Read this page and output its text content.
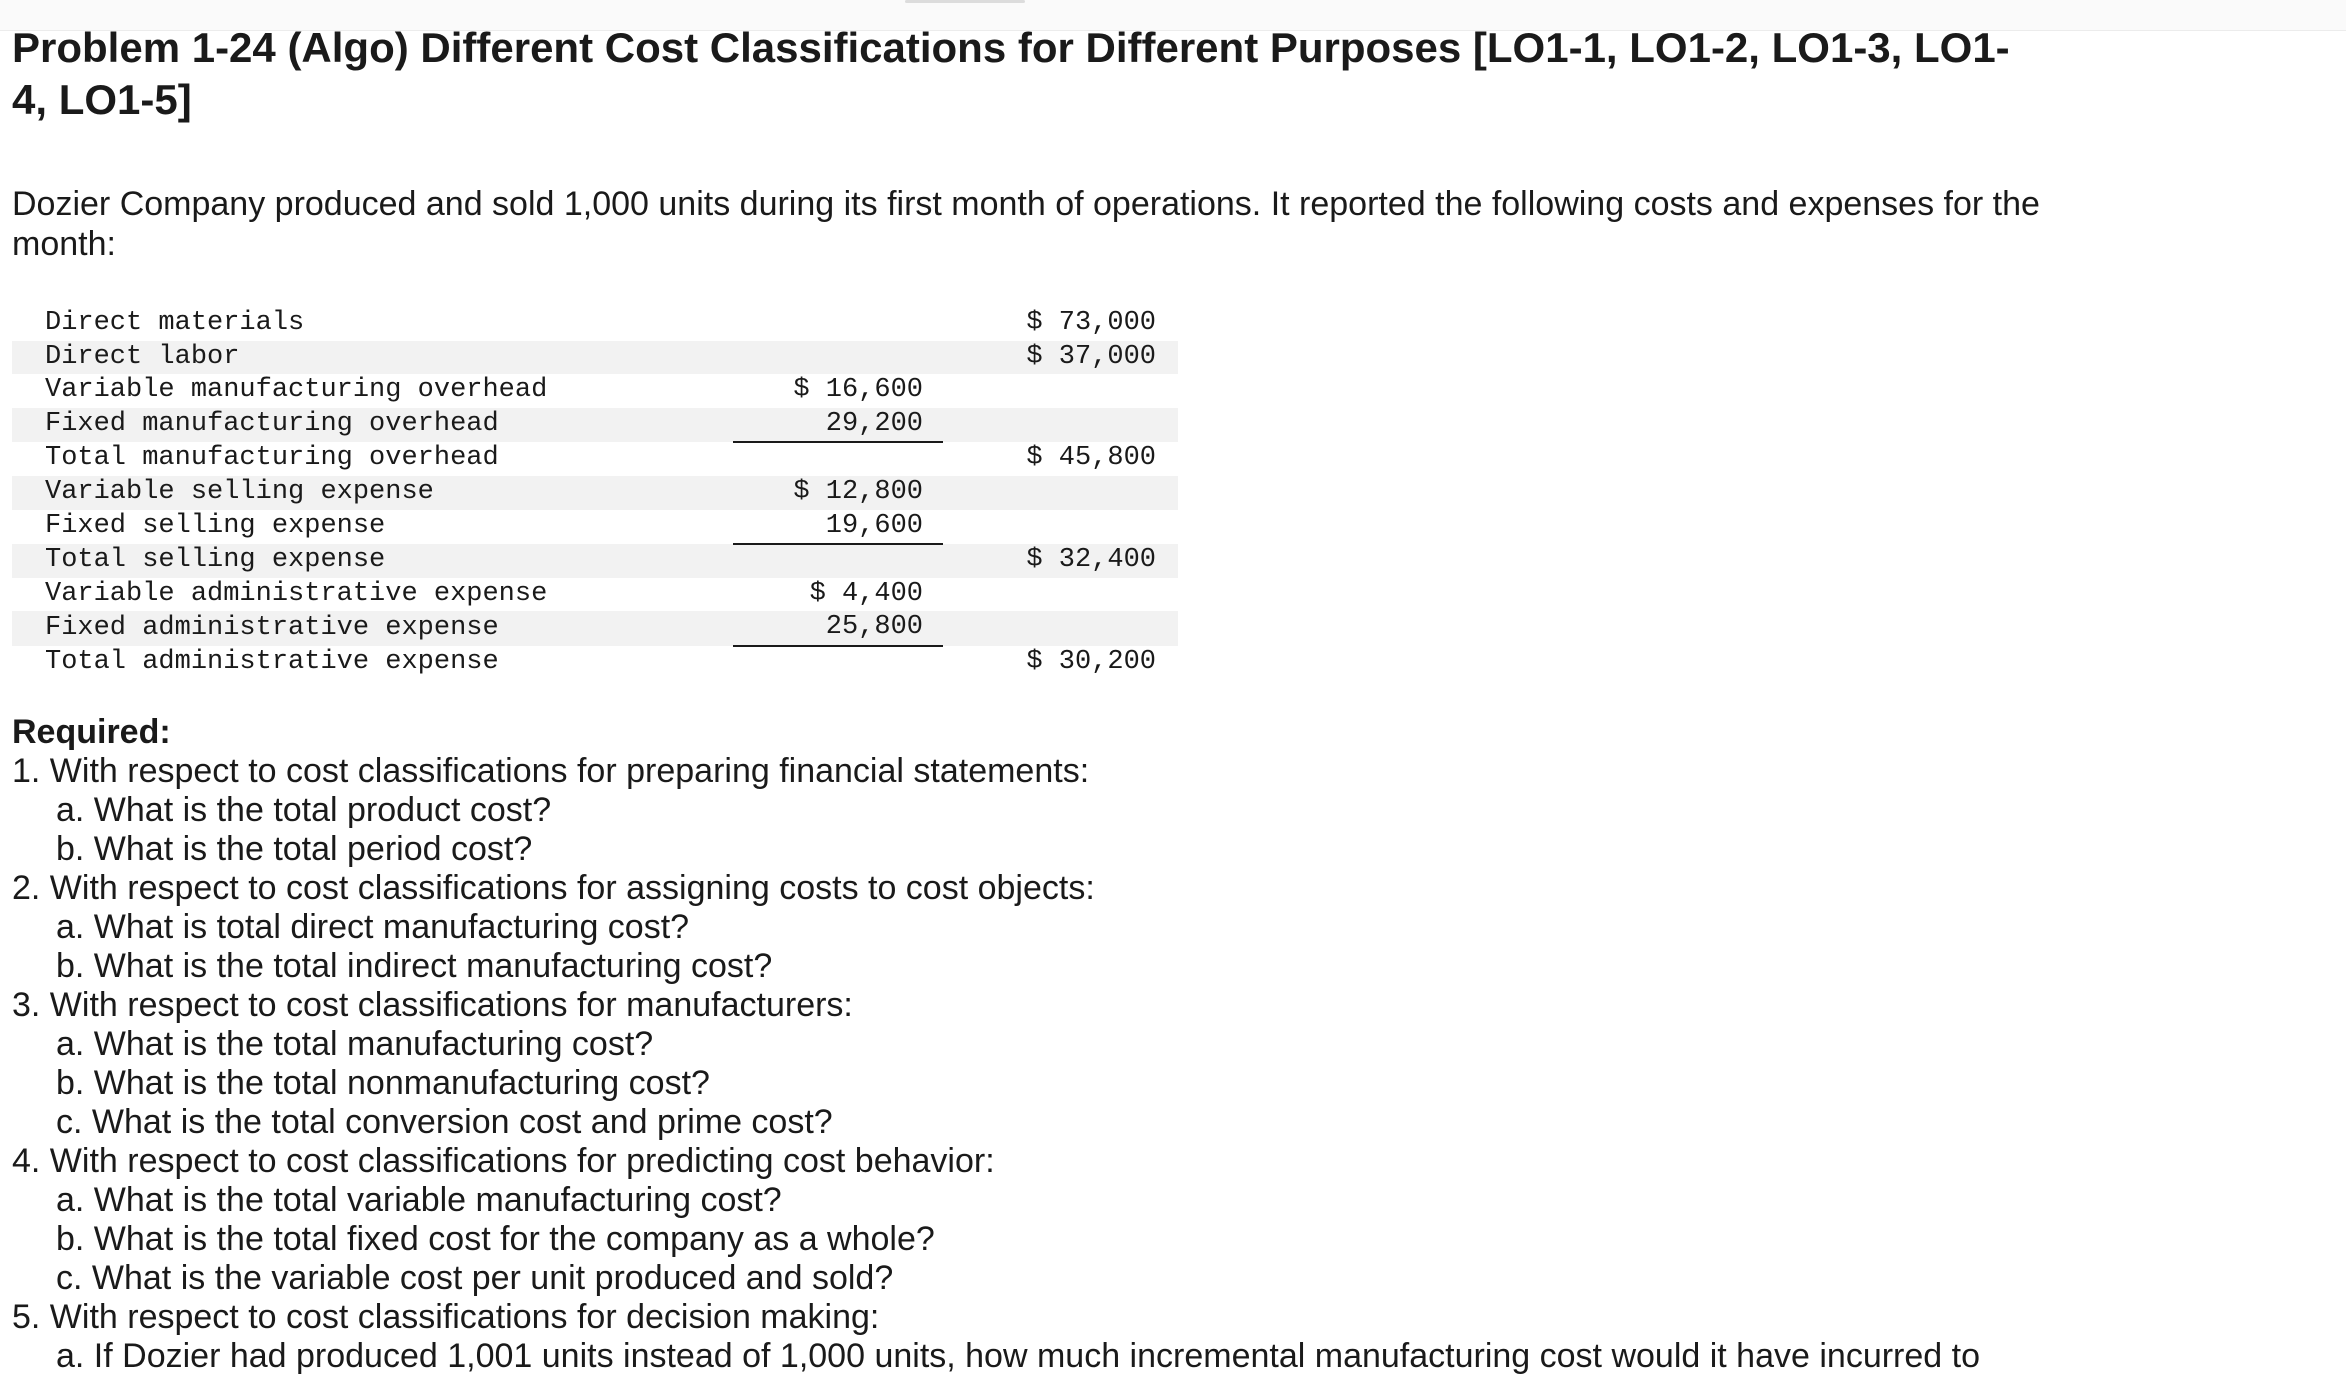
Problem 1-24 (Algo) Different Cost Classifications for Different Purposes [LO1-1, LO1-2, LO1-3, LO1-4, LO1-5]

Dozier Company produced and sold 1,000 units during its first month of operations. It reported the following costs and expenses for the month:

Direct materials			$ 73,000
Direct labor			$ 37,000
Variable manufacturing overhead	$ 16,600		
Fixed manufacturing overhead	29,200		
Total manufacturing overhead			$ 45,800
Variable selling expense	$ 12,800		
Fixed selling expense	19,600		
Total selling expense			$ 32,400
Variable administrative expense	$ 4,400		
Fixed administrative expense	25,800		
Total administrative expense			$ 30,200
Required:
1. With respect to cost classifications for preparing financial statements:
a. What is the total product cost?
b. What is the total period cost?
2. With respect to cost classifications for assigning costs to cost objects:
a. What is total direct manufacturing cost?
b. What is the total indirect manufacturing cost?
3. With respect to cost classifications for manufacturers:
a. What is the total manufacturing cost?
b. What is the total nonmanufacturing cost?
c. What is the total conversion cost and prime cost?
4. With respect to cost classifications for predicting cost behavior:
a. What is the total variable manufacturing cost?
b. What is the total fixed cost for the company as a whole?
c. What is the variable cost per unit produced and sold?
5. With respect to cost classifications for decision making:
a. If Dozier had produced 1,001 units instead of 1,000 units, how much incremental manufacturing cost would it have incurred to
